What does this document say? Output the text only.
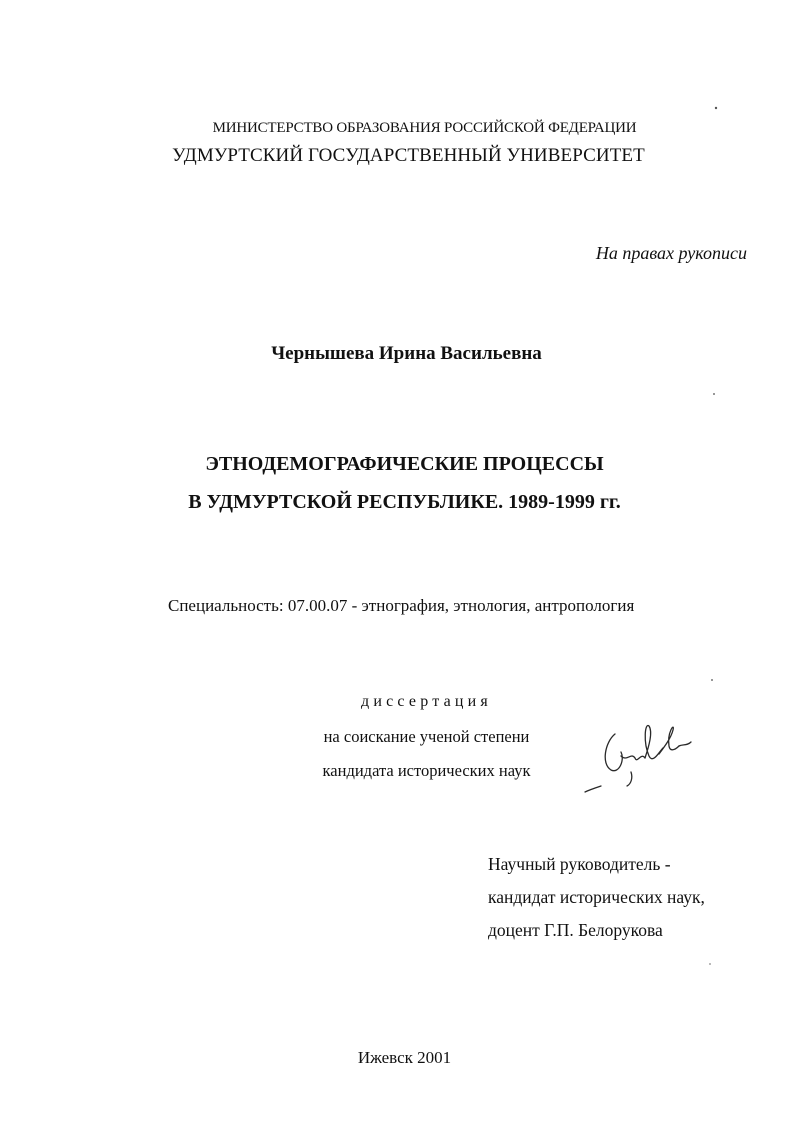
МИНИСТЕРСТВО ОБРАЗОВАНИЯ РОССИЙСКОЙ ФЕДЕРАЦИИ
УДМУРТСКИЙ ГОСУДАРСТВЕННЫЙ УНИВЕРСИТЕТ
На правах рукописи
Чернышева Ирина Васильевна
ЭТНОДЕМОГРАФИЧЕСКИЕ ПРОЦЕССЫ
В УДМУРТСКОЙ РЕСПУБЛИКЕ. 1989-1999 гг.
Специальность: 07.00.07 - этнография, этнология, антропология
диссертация
на соискание ученой степени
кандидата исторических наук
Научный руководитель -
кандидат исторических наук,
доцент Г.П. Белорукова
Ижевск 2001
